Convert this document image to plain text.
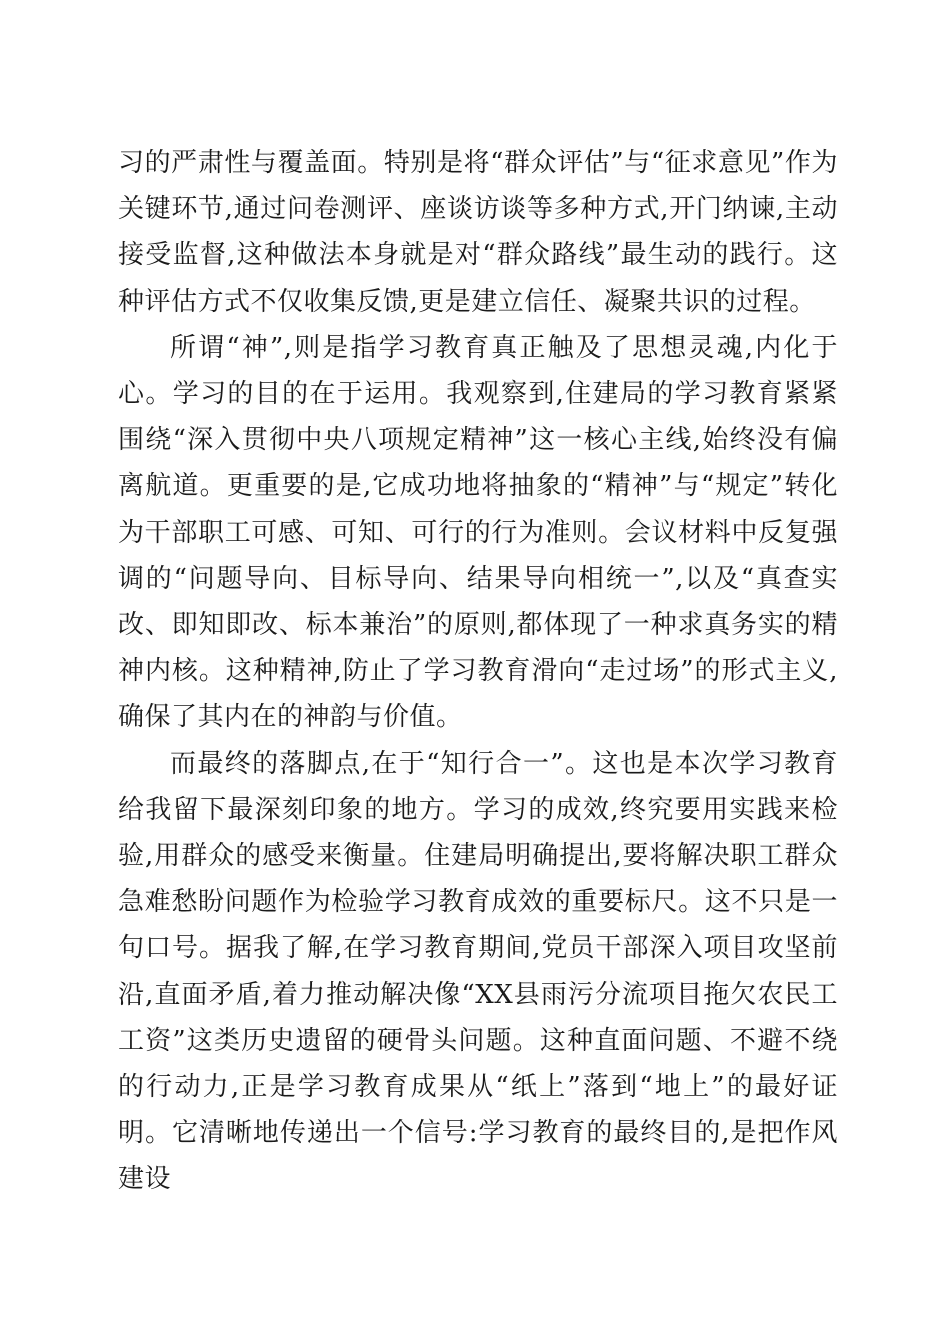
习的严肃性与覆盖面。特别是将“群众评估”与“征求意见”作为关键环节,通过问卷测评、座谈访谈等多种方式,开门纳谏,主动接受监督,这种做法本身就是对“群众路线”最生动的践行。这种评估方式不仅收集反馈,更是建立信任、凝聚共识的过程。

所谓“神”,则是指学习教育真正触及了思想灵魂,内化于心。学习的目的在于运用。我观察到,住建局的学习教育紧紧围绕“深入贯彻中央八项规定精神”这一核心主线,始终没有偏离航道。更重要的是,它成功地将抽象的“精神”与“规定”转化为干部职工可感、可知、可行的行为准则。会议材料中反复强调的“问题导向、目标导向、结果导向相统一”,以及“真查实改、即知即改、标本兼治”的原则,都体现了一种求真务实的精神内核。这种精神,防止了学习教育滑向“走过场”的形式主义,确保了其内在的神韵与价值。

而最终的落脚点,在于“知行合一”。这也是本次学习教育给我留下最深刻印象的地方。学习的成效,终究要用实践来检验,用群众的感受来衡量。住建局明确提出,要将解决职工群众急难愁盼问题作为检验学习教育成效的重要标尺。这不只是一句口号。据我了解,在学习教育期间,党员干部深入项目攻坚前沿,直面矛盾,着力推动解决像“XX县雨污分流项目拖欠农民工工资”这类历史遗留的硬骨头问题。这种直面问题、不避不绕的行动力,正是学习教育成果从“纸上”落到“地上”的最好证明。它清晰地传递出一个信号:学习教育的最终目的,是把作风建设
